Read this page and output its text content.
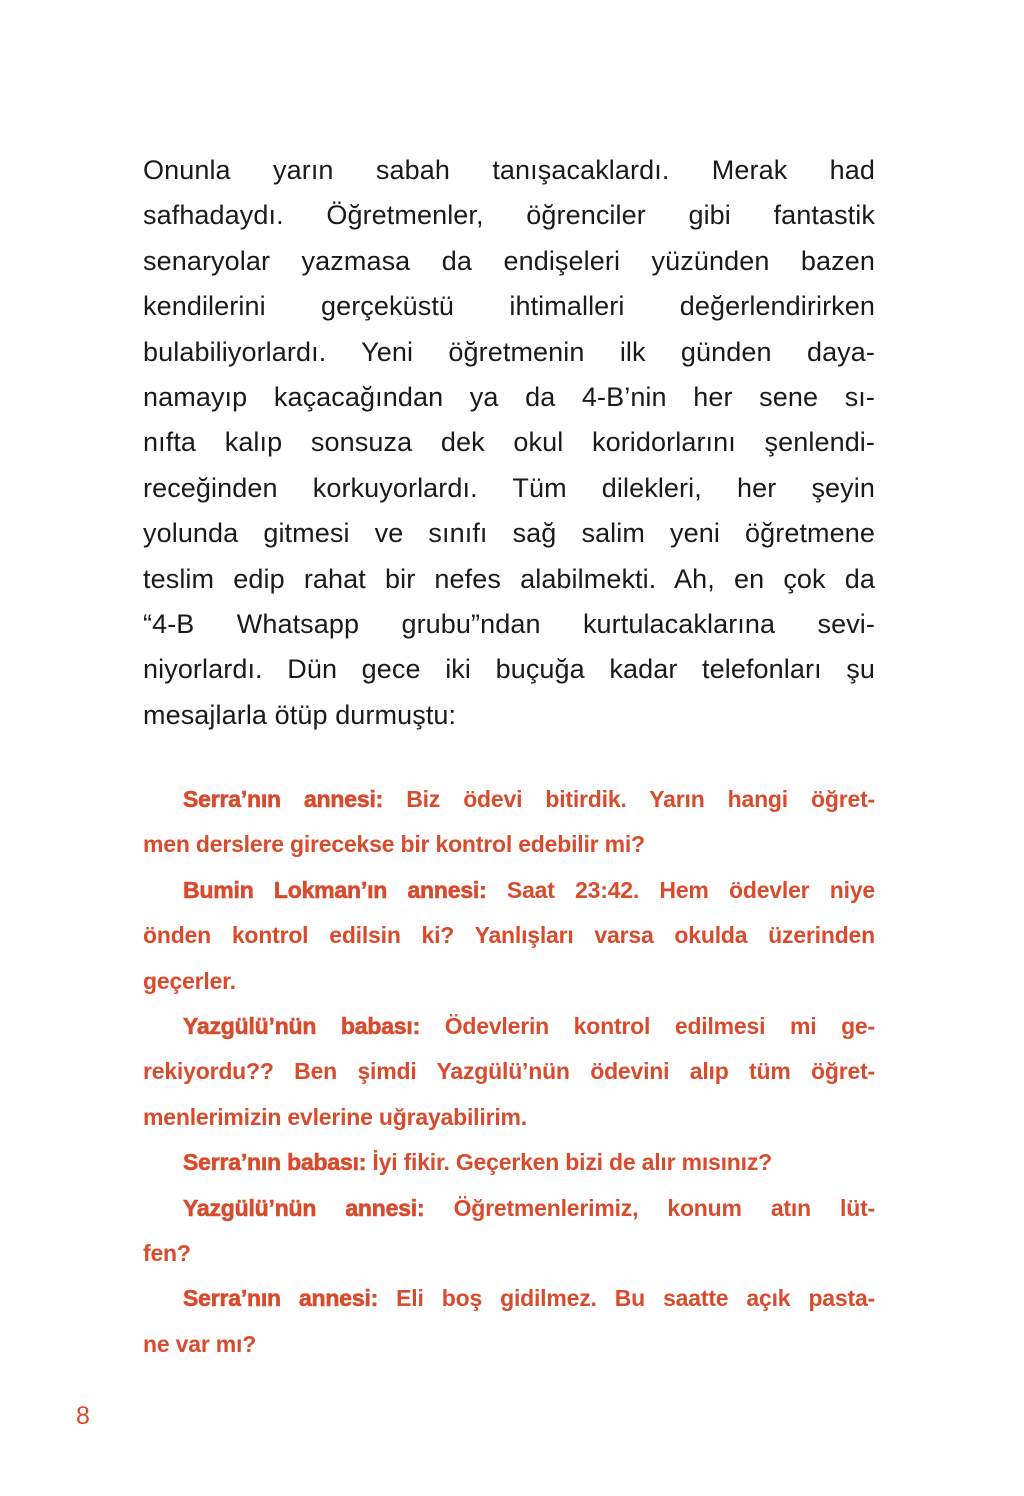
Onunla yarın sabah tanışacaklardı. Merak had
safhadaydı. Öğretmenler, öğrenciler gibi fantastik
senaryolar yazmasa da endişeleri yüzünden bazen
kendilerini gerçeküstü ihtimalleri değerlendirirken
bulabiliyorlardı. Yeni öğretmenin ilk günden daya-
namayıp kaçacağından ya da 4-B’nin her sene sı-
nıfta kalıp sonsuza dek okul koridorlarını şenlendi-
receğinden korkuyorlardı. Tüm dilekleri, her şeyin
yolunda gitmesi ve sınıfı sağ salim yeni öğretmene
teslim edip rahat bir nefes alabilmekti. Ah, en çok da
“4-B Whatsapp grubu”ndan kurtulacaklarına sevi-
niyorlardı. Dün gece iki buçuğa kadar telefonları şu
mesajlarla ötüp durmuştu:
Serra’nın annesi: Biz ödevi bitirdik. Yarın hangi öğret-
men derslere girecekse bir kontrol edebilir mi?
Bumin Lokman’ın annesi: Saat 23:42. Hem ödevler niye
önden kontrol edilsin ki? Yanlışları varsa okulda üzerinden
geçerler.
Yazgülü’nün babası: Ödevlerin kontrol edilmesi mi ge-
rekiyordu?? Ben şimdi Yazgülü’nün ödevini alıp tüm öğret-
menlerimizin evlerine uğrayabilirim.
Serra’nın babası: İyi fikir. Geçerken bizi de alır mısınız?
Yazgülü’nün annesi: Öğretmenlerimiz, konum atın lüt-
fen?
Serra’nın annesi: Eli boş gidilmez. Bu saatte açık pasta-
ne var mı?
8
